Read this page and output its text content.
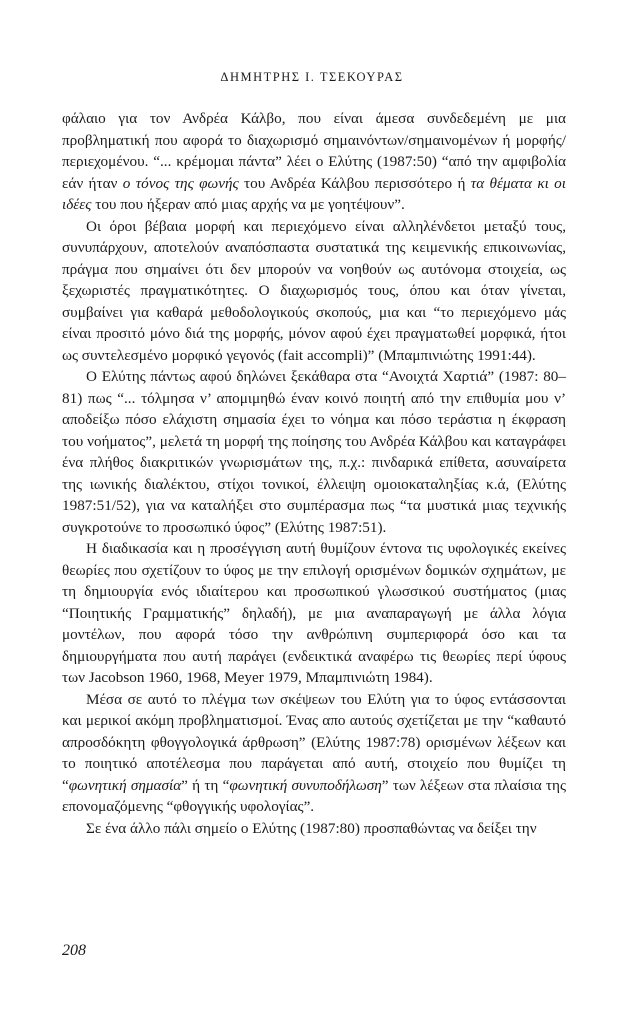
ΔΗΜΗΤΡΗΣ Ι. ΤΣΕΚΟΥΡΑΣ

φάλαιο για τον Ανδρέα Κάλβο, που είναι άμεσα συνδεδεμένη με μια προβληματική που αφορά το διαχωρισμό σημαινόντων/σημαινομένων ή μορφής/περιεχομένου. “... κρέμομαι πάντα” λέει ο Ελύτης (1987:50) “από την αμφιβολία εάν ήταν ο τόνος της φωνής του Ανδρέα Κάλβου περισσότερο ή τα θέματα κι οι ιδέες του που ήξεραν από μιας αρχής να με γοητέψουν”.

Οι όροι βέβαια μορφή και περιεχόμενο είναι αλληλένδετοι μεταξύ τους, συνυπάρχουν, αποτελούν αναπόσπαστα συστατικά της κειμενικής επικοινωνίας, πράγμα που σημαίνει ότι δεν μπορούν να νοηθούν ως αυτόνομα στοιχεία, ως ξεχωριστές πραγματικότητες. Ο διαχωρισμός τους, όπου και όταν γίνεται, συμβαίνει για καθαρά μεθοδολογικούς σκοπούς, μια και “το περιεχόμενο μάς είναι προσιτό μόνο διά της μορφής, μόνον αφού έχει πραγματωθεί μορφικά, ήτοι ως συντελεσμένο μορφικό γεγονός (fait accompli)” (Μπαμπινιώτης 1991:44).

Ο Ελύτης πάντως αφού δηλώνει ξεκάθαρα στα “Ανοιχτά Χαρτιά” (1987: 80–81) πως “... τόλμησα ν’ απομιμηθώ έναν κοινό ποιητή από την επιθυμία μου ν’ αποδείξω πόσο ελάχιστη σημασία έχει το νόημα και πόσο τεράστια η έκφραση του νοήματος”, μελετά τη μορφή της ποίησης του Ανδρέα Κάλβου και καταγράφει ένα πλήθος διακριτικών γνωρισμάτων της, π.χ.: πινδαρικά επίθετα, ασυναίρετα της ιωνικής διαλέκτου, στίχοι τονικοί, έλλειψη ομοιοκαταληξίας κ.ά, (Ελύτης 1987:51/52), για να καταλήξει στο συμπέρασμα πως “τα μυστικά μιας τεχνικής συγκροτούνε το προσωπικό ύφος” (Ελύτης 1987:51).

Η διαδικασία και η προσέγγιση αυτή θυμίζουν έντονα τις υφολογικές εκείνες θεωρίες που σχετίζουν το ύφος με την επιλογή ορισμένων δομικών σχημάτων, με τη δημιουργία ενός ιδιαίτερου και προσωπικού γλωσσικού συστήματος (μιας “Ποιητικής Γραμματικής” δηλαδή), με μια αναπαραγωγή με άλλα λόγια μοντέλων, που αφορά τόσο την ανθρώπινη συμπεριφορά όσο και τα δημιουργήματα που αυτή παράγει (ενδεικτικά αναφέρω τις θεωρίες περί ύφους των Jacobson 1960, 1968, Meyer 1979, Μπαμπινιώτη 1984).

Μέσα σε αυτό το πλέγμα των σκέψεων του Ελύτη για το ύφος εντάσσονται και μερικοί ακόμη προβληματισμοί. Ένας απο αυτούς σχετίζεται με την “καθαυτό απροσδόκητη φθογγολογικά άρθρωση” (Ελύτης 1987:78) ορισμένων λέξεων και το ποιητικό αποτέλεσμα που παράγεται από αυτή, στοιχείο που θυμίζει τη “φωνητική σημασία” ή τη “φωνητική συνυποδήλωση” των λέξεων στα πλαίσια της επονομαζόμενης “φθογγικής υφολογίας”.

Σε ένα άλλο πάλι σημείο ο Ελύτης (1987:80) προσπαθώντας να δείξει την

208
